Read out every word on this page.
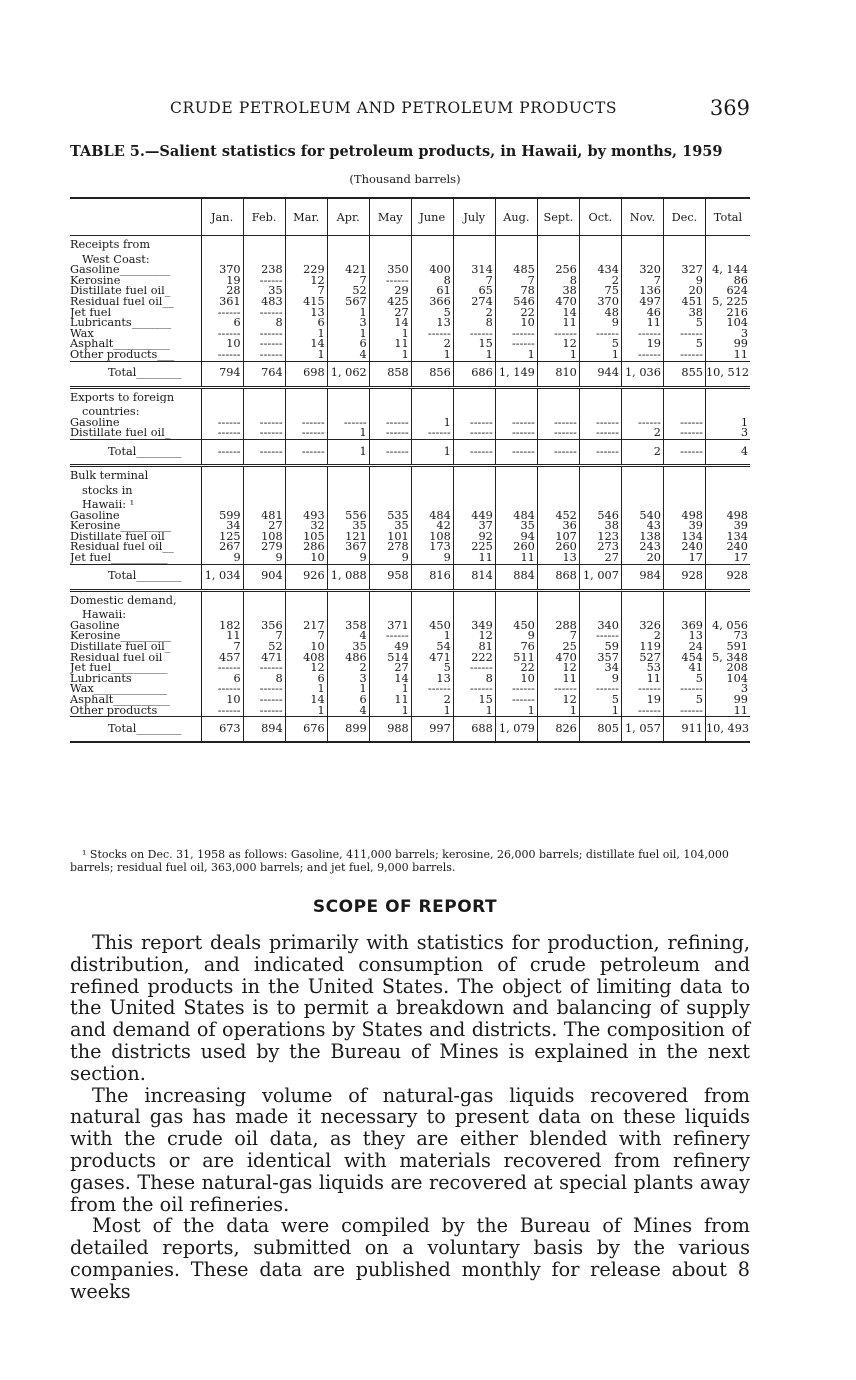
CRUDE PETROLEUM AND PETROLEUM PRODUCTS	369
TABLE 5.—Salient statistics for petroleum products, in Hawaii, by months, 1959
(Thousand barrels)
	Jan.	Feb.	Mar.	Apr.	May	June	July	Aug.	Sept.	Oct.	Nov.	Dec.	Total
Receipts from													
West Coast:													
Gasoline_________	370	238	229	421	350	400	314	485	256	434	320	327	4, 144
Kerosine_________	19	------	12	7	------	8	7	7	8	2	7	9	86
Distillate fuel oil_	28	35	7	52	29	61	65	78	38	75	136	20	624
Residual fuel oil__	361	483	415	567	425	366	274	546	470	370	497	451	5, 225
Jet fuel__________	------	------	13	1	27	5	2	22	14	48	46	38	216
Lubricants_______	6	8	6	3	14	13	8	10	11	9	11	5	104
Wax_____________	------	------	1	1	1	------	------	------	------	------	------	------	3
Asphalt__________	10	------	14	6	11	2	15	------	12	5	19	5	99
Other products___	------	------	1	4	1	1	1	1	1	1	------	------	11
Total________	794	764	698	1, 062	858	856	686	1, 149	810	944	1, 036	855	10, 512
Exports to foreign													
countries:													
Gasoline_________	------	------	------	------	------	1	------	------	------	------	------	------	1
Distillate fuel oil_	------	------	------	1	------	------	------	------	------	------	2	------	3
Total________	------	------	------	1	------	1	------	------	------	------	2	------	4
Bulk terminal													
stocks in													
Hawaii: ¹													
Gasoline_________	599	481	493	556	535	484	449	484	452	546	540	498	498
Kerosine_________	34	27	32	35	35	42	37	35	36	38	43	39	39
Distillate fuel oil_	125	108	105	121	101	108	92	94	107	123	138	134	134
Residual fuel oil__	267	279	286	367	278	173	225	260	260	273	243	240	240
Jet fuel__________	9	9	10	9	9	9	11	11	13	27	20	17	17
Total________	1, 034	904	926	1, 088	958	816	814	884	868	1, 007	984	928	928
Domestic demand,													
Hawaii:													
Gasoline_________	182	356	217	358	371	450	349	450	288	340	326	369	4, 056
Kerosine_________	11	7	7	4	------	1	12	9	7	------	2	13	73
Distillate fuel oil_	7	52	10	35	49	54	81	76	25	59	119	24	591
Residual fuel oil__	457	471	408	486	514	471	222	511	470	357	527	454	5, 348
Jet fuel__________	------	------	12	2	27	5	------	22	12	34	53	41	208
Lubricants_______	6	8	6	3	14	13	8	10	11	9	11	5	104
Wax_____________	------	------	1	1	1	------	------	------	------	------	------	------	3
Asphalt__________	10	------	14	6	11	2	15	------	12	5	19	5	99
Other products___	------	------	1	4	1	1	1	1	1	1	------	------	11
Total________	673	894	676	899	988	997	688	1, 079	826	805	1, 057	911	10, 493
¹ Stocks on Dec. 31, 1958 as follows: Gasoline, 411,000 barrels; kerosine, 26,000 barrels; distillate fuel oil, 104,000 barrels; residual fuel oil, 363,000 barrels; and jet fuel, 9,000 barrels.
SCOPE OF REPORT

This report deals primarily with statistics for production, refining, distribution, and indicated consumption of crude petroleum and refined products in the United States. The object of limiting data to the United States is to permit a breakdown and balancing of supply and demand of operations by States and districts. The composition of the districts used by the Bureau of Mines is explained in the next section.

The increasing volume of natural-gas liquids recovered from natural gas has made it necessary to present data on these liquids with the crude oil data, as they are either blended with refinery products or are identical with materials recovered from refinery gases. These natural-gas liquids are recovered at special plants away from the oil refineries.

Most of the data were compiled by the Bureau of Mines from detailed reports, submitted on a voluntary basis by the various companies. These data are published monthly for release about 8 weeks
